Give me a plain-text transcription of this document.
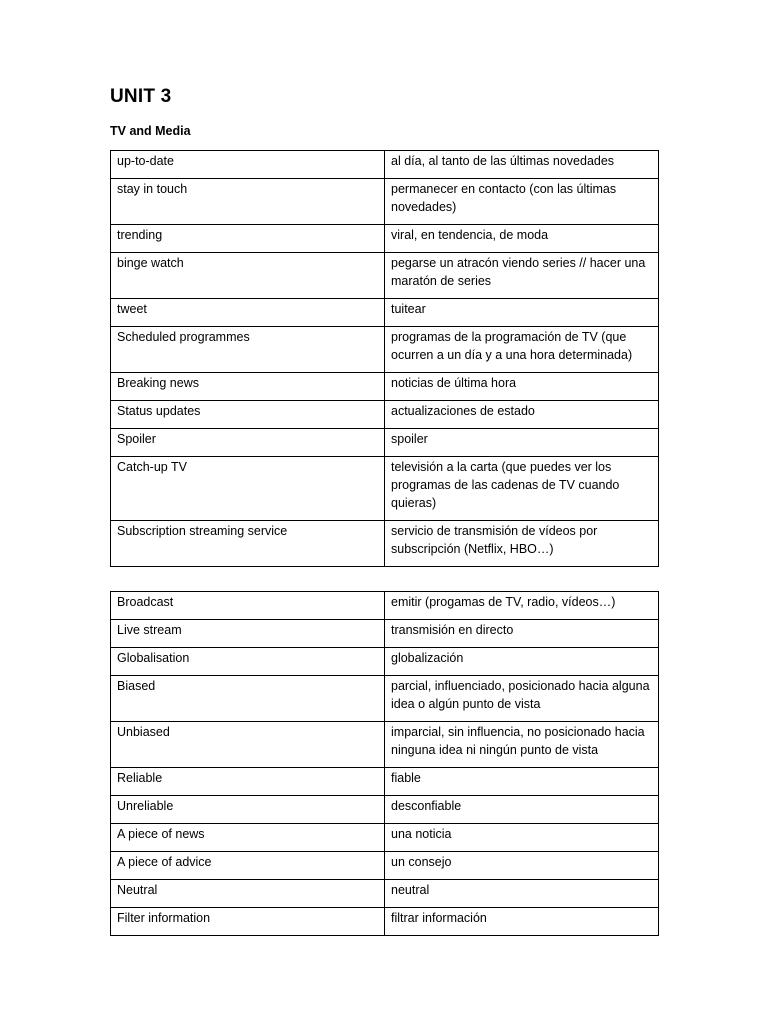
UNIT 3
TV and Media
up-to-date	al día, al tanto de las últimas novedades
stay in touch	permanecer en contacto (con las últimas novedades)
trending	viral, en tendencia, de moda
binge watch	pegarse un atracón viendo series // hacer una maratón de series
tweet	tuitear
Scheduled programmes	programas de la programación de TV (que ocurren a un día y a una hora determinada)
Breaking news	noticias de última hora
Status updates	actualizaciones de estado
Spoiler	spoiler
Catch-up TV	televisión a la carta (que puedes ver los programas de las cadenas de TV cuando quieras)
Subscription streaming service	servicio de transmisión de vídeos por subscripción (Netflix, HBO…)
Broadcast	emitir (progamas de TV, radio, vídeos…)
Live stream	transmisión en directo
Globalisation	globalización
Biased	parcial, influenciado, posicionado hacia alguna idea o algún punto de vista
Unbiased	imparcial, sin influencia, no posicionado hacia ninguna idea ni ningún punto de vista
Reliable	fiable
Unreliable	desconfiable
A piece of news	una noticia
A piece of advice	un consejo
Neutral	neutral
Filter information	filtrar información
